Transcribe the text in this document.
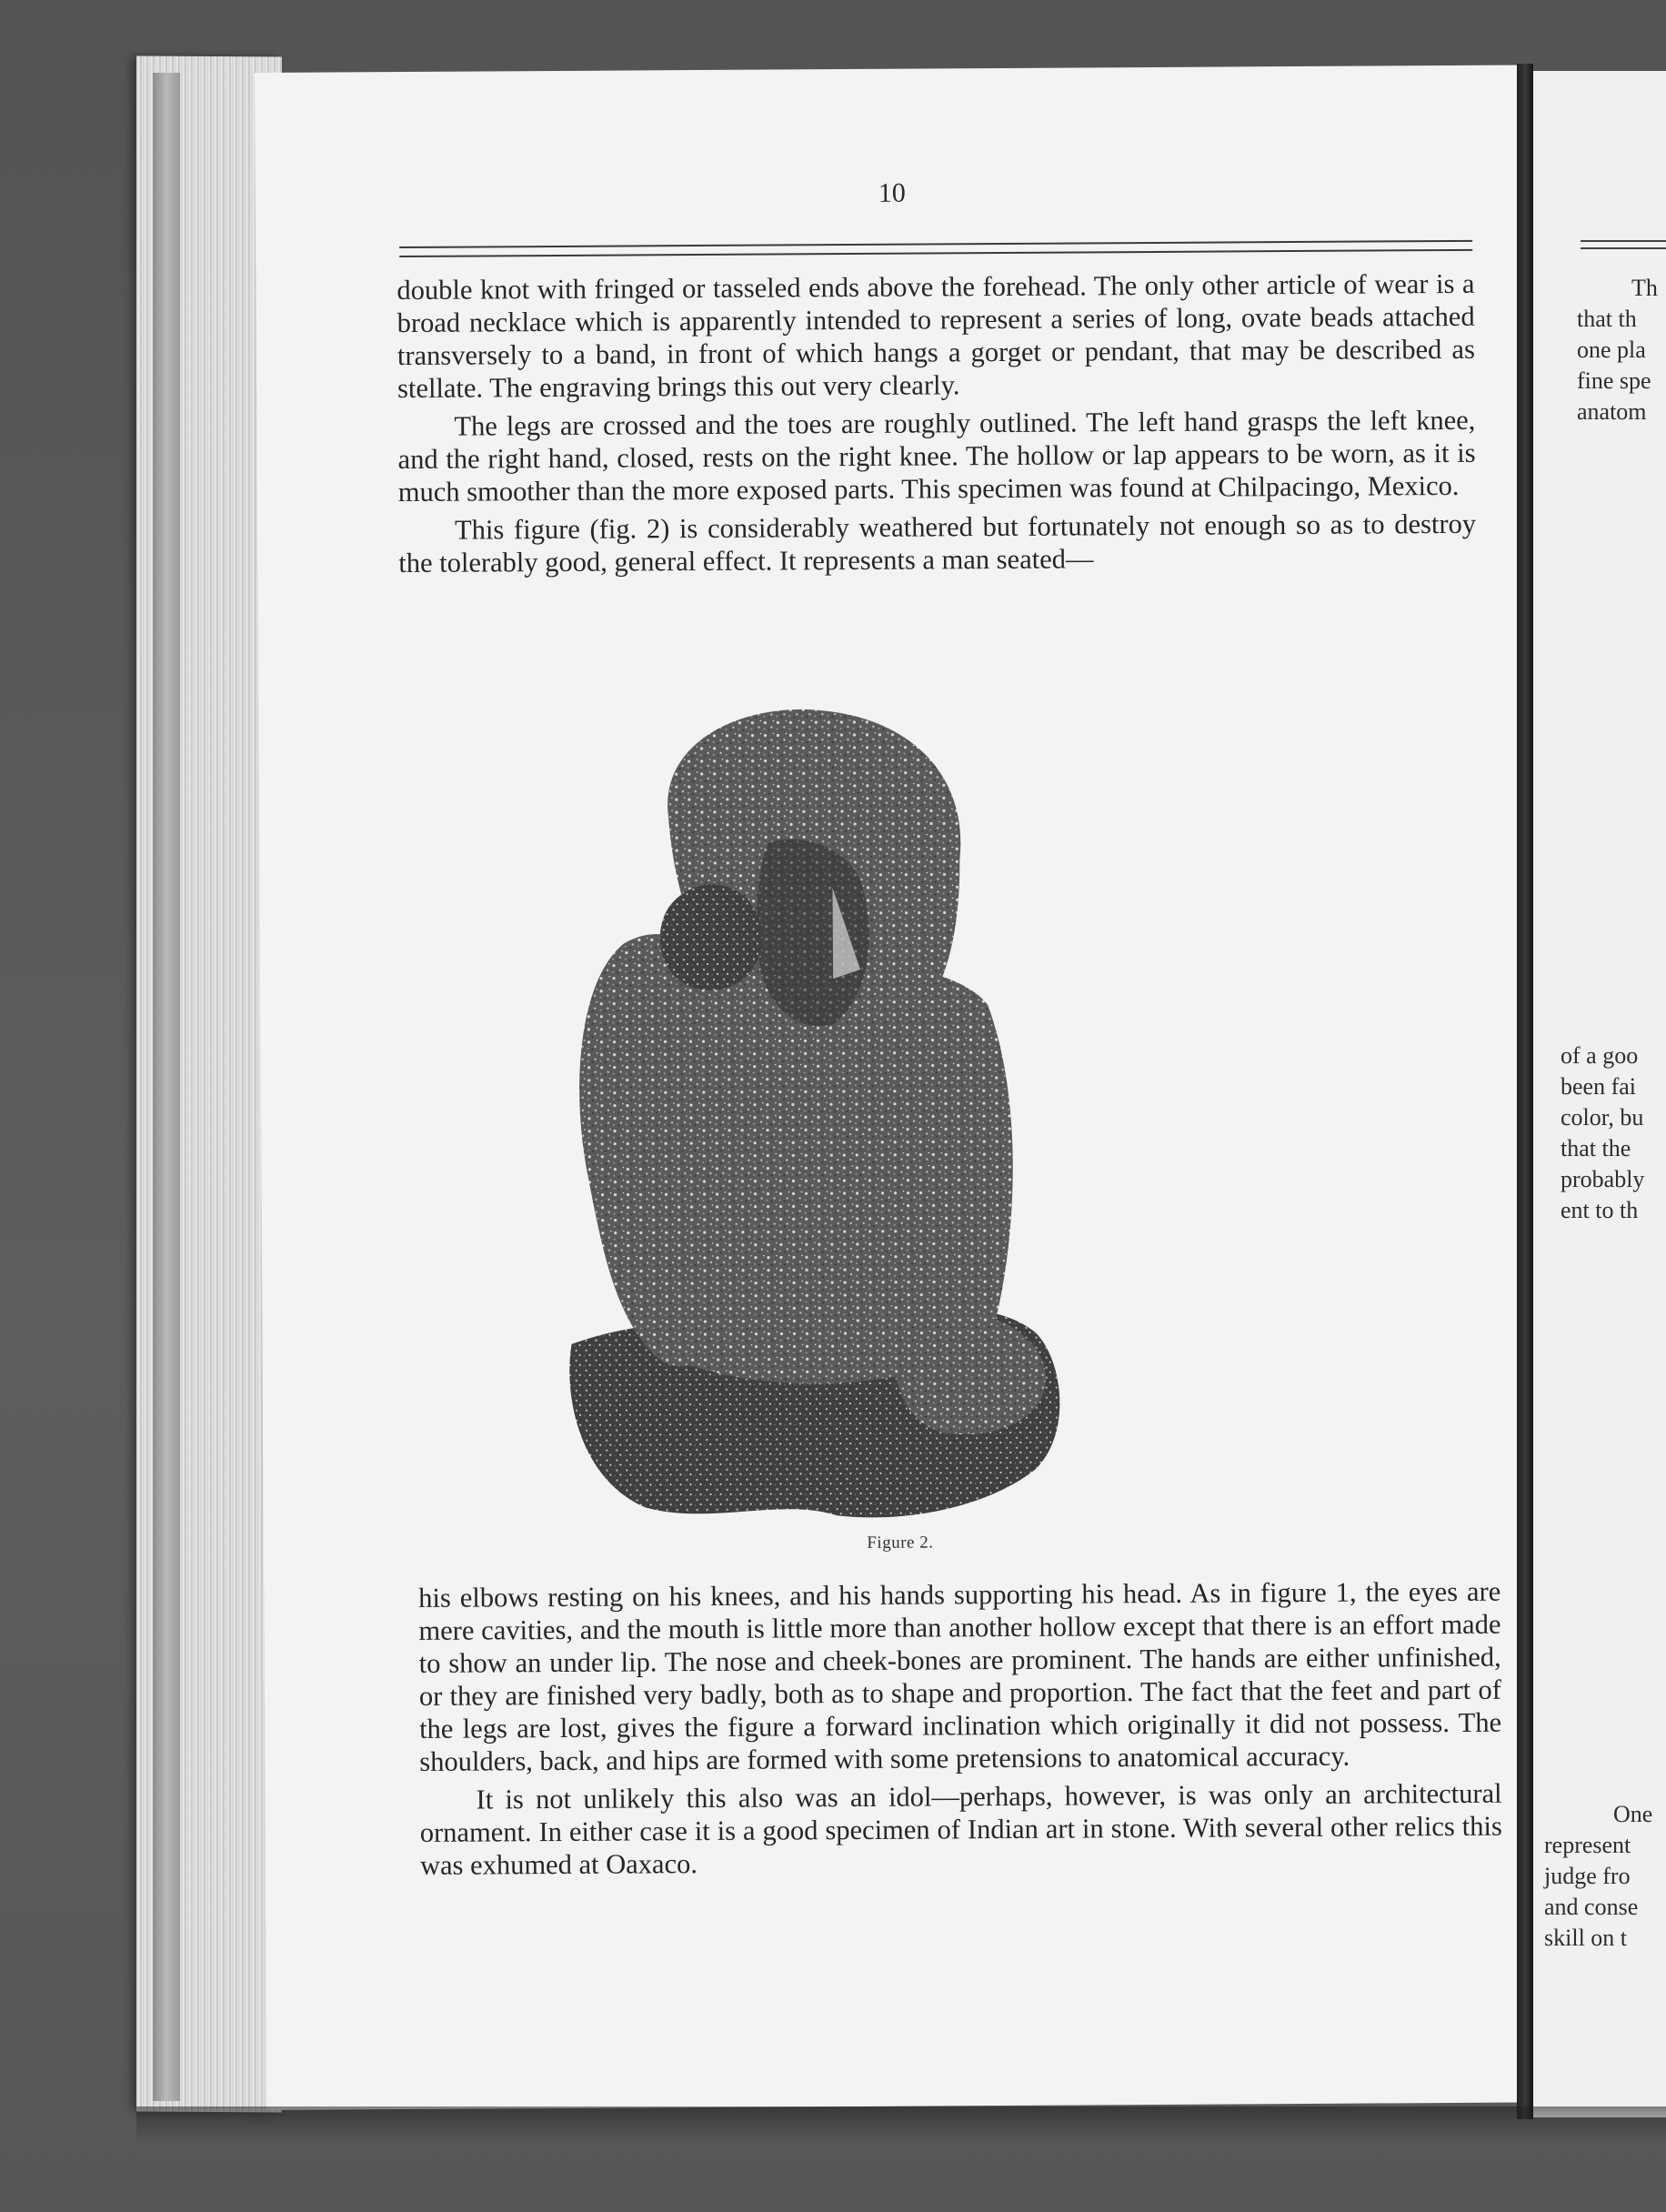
10

double knot with fringed or tasseled ends above the forehead. The only other article of wear is a broad necklace which is apparently intended to represent a series of long, ovate beads attached transversely to a band, in front of which hangs a gorget or pendant, that may be described as stellate. The engraving brings this out very clearly.

The legs are crossed and the toes are roughly outlined. The left hand grasps the left knee, and the right hand, closed, rests on the right knee. The hollow or lap appears to be worn, as it is much smoother than the more exposed parts. This specimen was found at Chilpacingo, Mexico.

This figure (fig. 2) is considerably weathered but fortunately not enough so as to destroy the tolerably good, general effect. It represents a man seated—

Figure 2.

his elbows resting on his knees, and his hands supporting his head. As in figure 1, the eyes are mere cavities, and the mouth is little more than another hollow except that there is an effort made to show an under lip. The nose and cheek-bones are prominent. The hands are either unfinished, or they are finished very badly, both as to shape and proportion. The fact that the feet and part of the legs are lost, gives the figure a forward inclination which originally it did not possess. The shoulders, back, and hips are formed with some pretensions to anatomical accuracy.

It is not unlikely this also was an idol—perhaps, however, is was only an architectural ornament. In either case it is a good specimen of Indian art in stone. With several other relics this was exhumed at Oaxaco.

Th
that th
one pla
fine spe
anatom
of a goo
been fai
color, bu
that the
probably
ent to th
One
represent
judge fro
and conse
skill on t
